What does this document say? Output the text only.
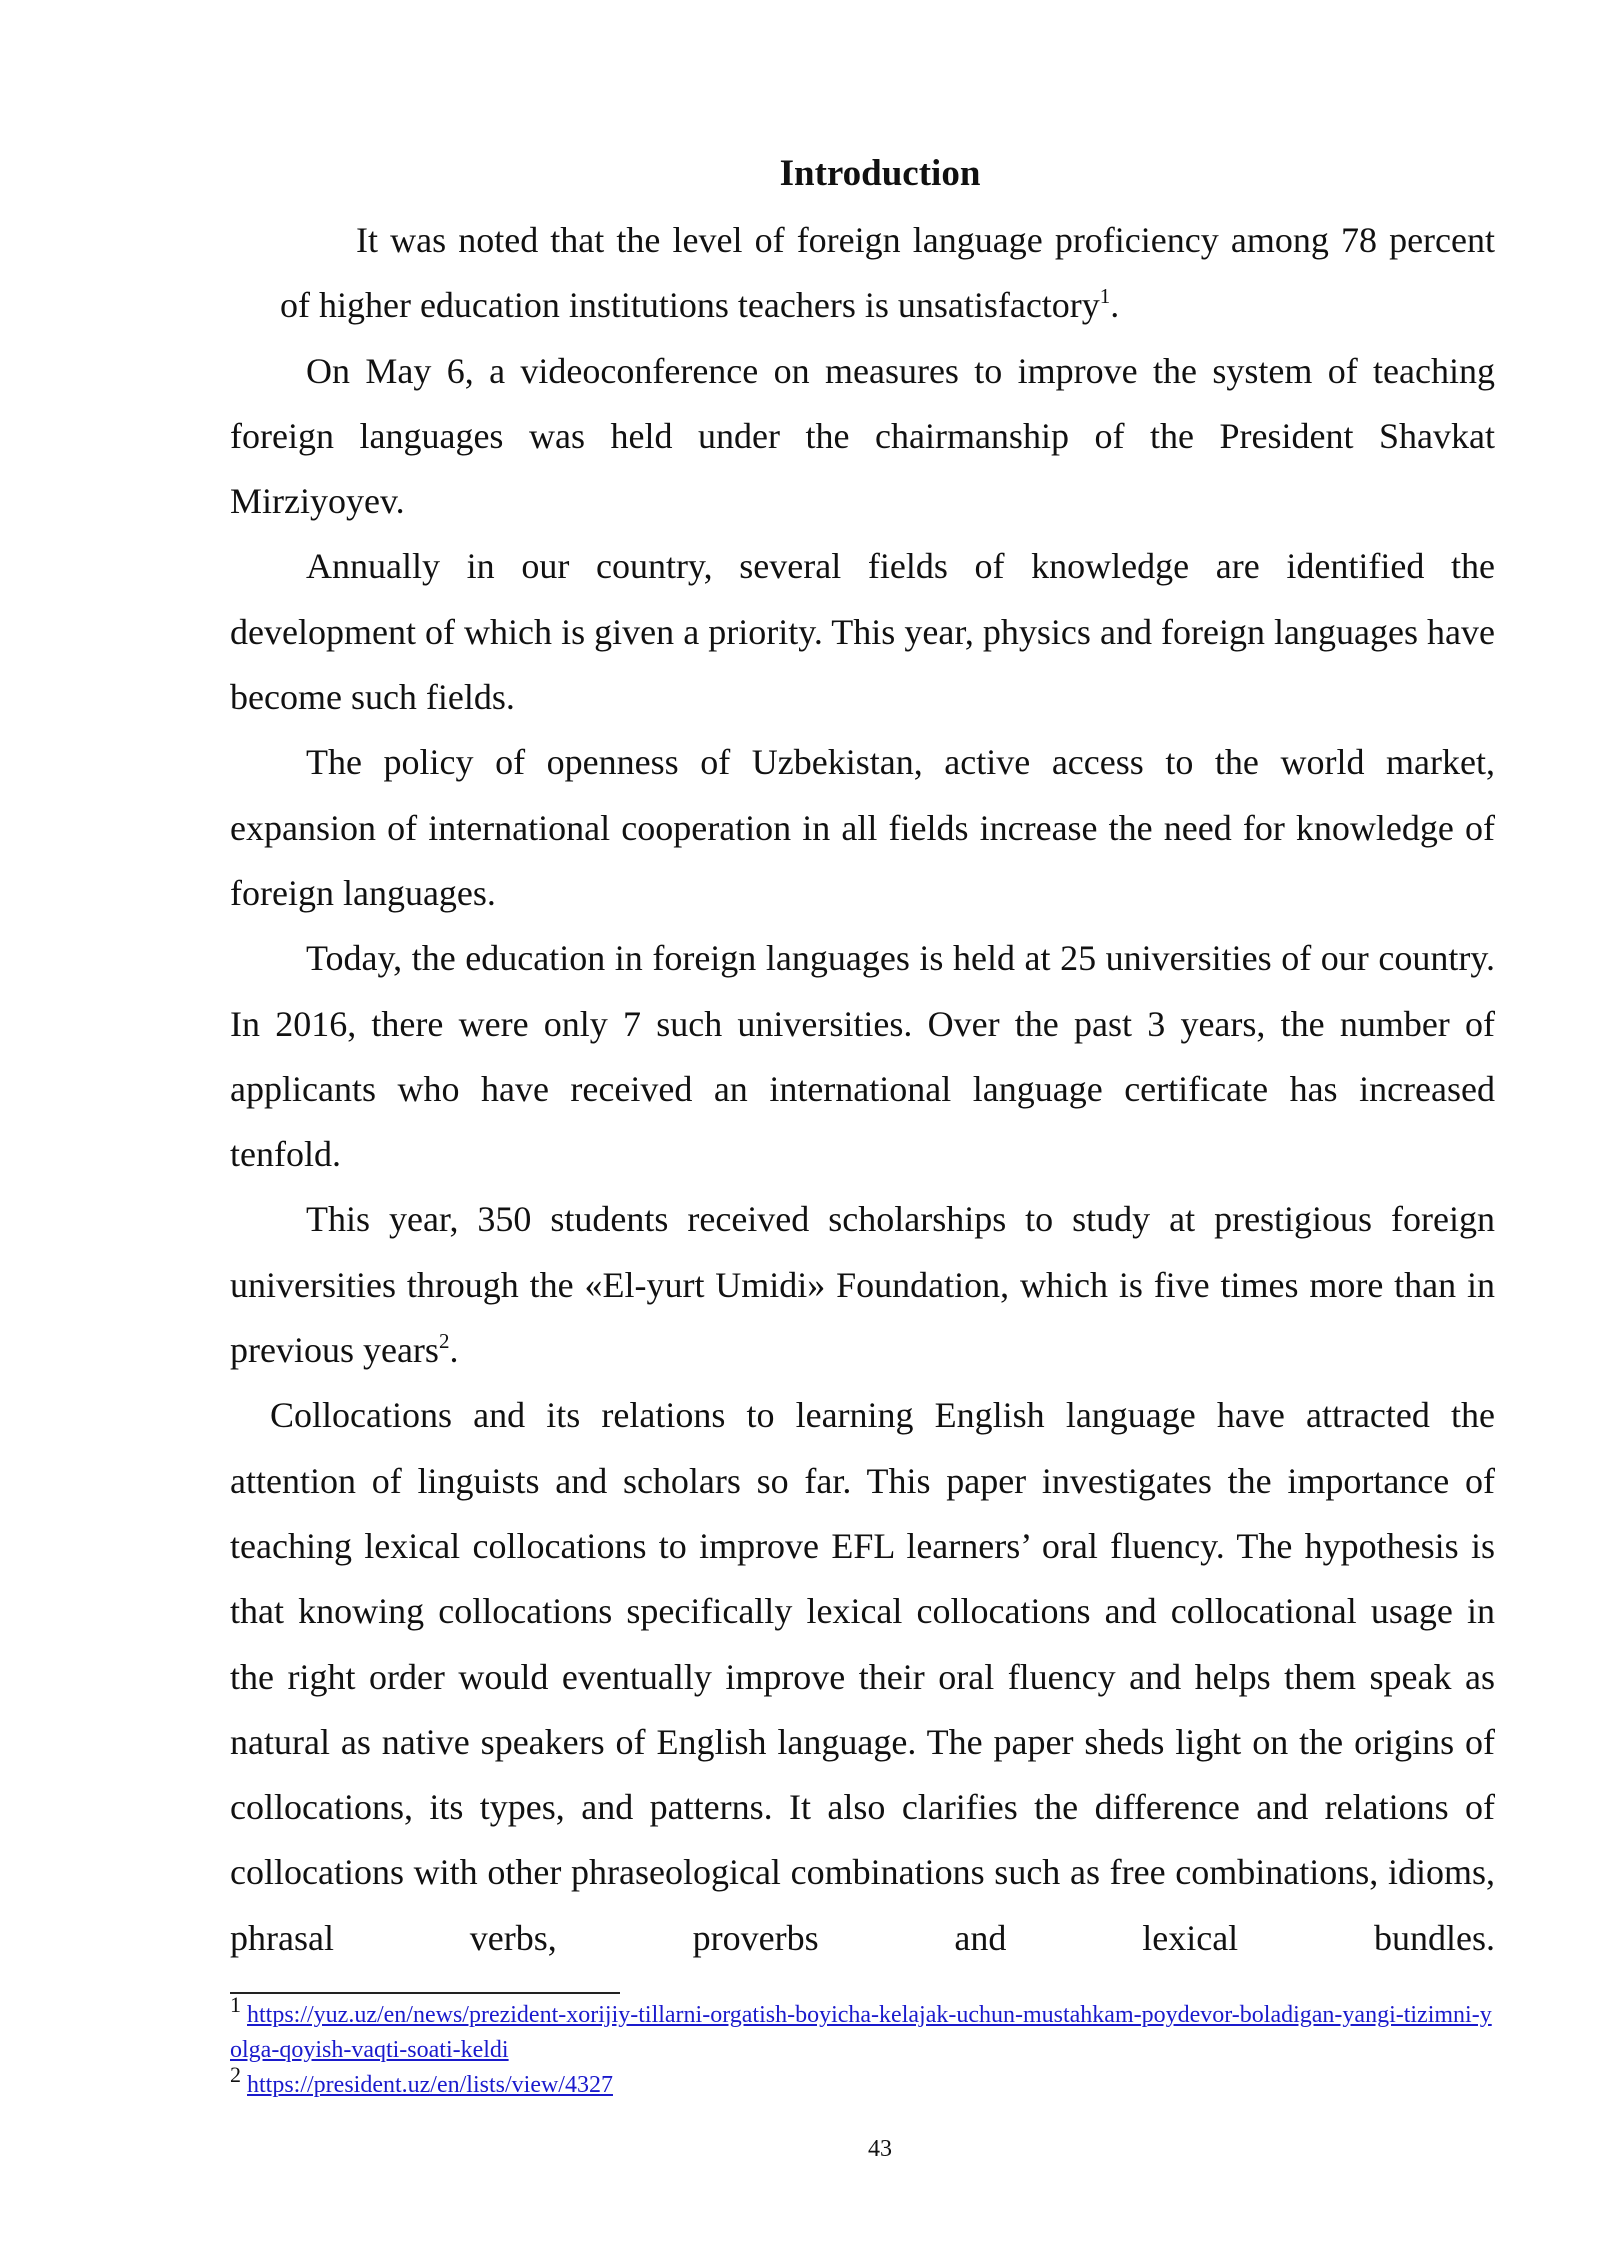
Introduction

It was noted that the level of foreign language proficiency among 78 percent of higher education institutions teachers is unsatisfactory$^1$.

On May 6, a videoconference on measures to improve the system of teaching foreign languages was held under the chairmanship of the President Shavkat Mirziyoyev.

Annually in our country, several fields of knowledge are identified the development of which is given a priority. This year, physics and foreign languages have become such fields.

The policy of openness of Uzbekistan, active access to the world market, expansion of international cooperation in all fields increase the need for knowledge of foreign languages.

Today, the education in foreign languages is held at 25 universities of our country. In 2016, there were only 7 such universities. Over the past 3 years, the number of applicants who have received an international language certificate has increased tenfold.

This year, 350 students received scholarships to study at prestigious foreign universities through the «El-yurt Umidi» Foundation, which is five times more than in previous years$^2$.

Collocations and its relations to learning English language have attracted the attention of linguists and scholars so far. This paper investigates the importance of teaching lexical collocations to improve EFL learners’ oral fluency. The hypothesis is that knowing collocations specifically lexical collocations and collocational usage in the right order would eventually improve their oral fluency and helps them speak as natural as native speakers of English language. The paper sheds light on the origins of collocations, its types, and patterns. It also clarifies the difference and relations of collocations with other phraseological combinations such as free combinations, idioms, phrasal verbs, proverbs and lexical bundles.

1 https://yuz.uz/en/news/prezident-xorijiy-tillarni-orgatish-boyicha-kelajak-uchun-mustahkam-poydevor-boladigan-yangi-tizimni-yolga-qoyish-vaqti-soati-keldi

2 https://president.uz/en/lists/view/4327

43
